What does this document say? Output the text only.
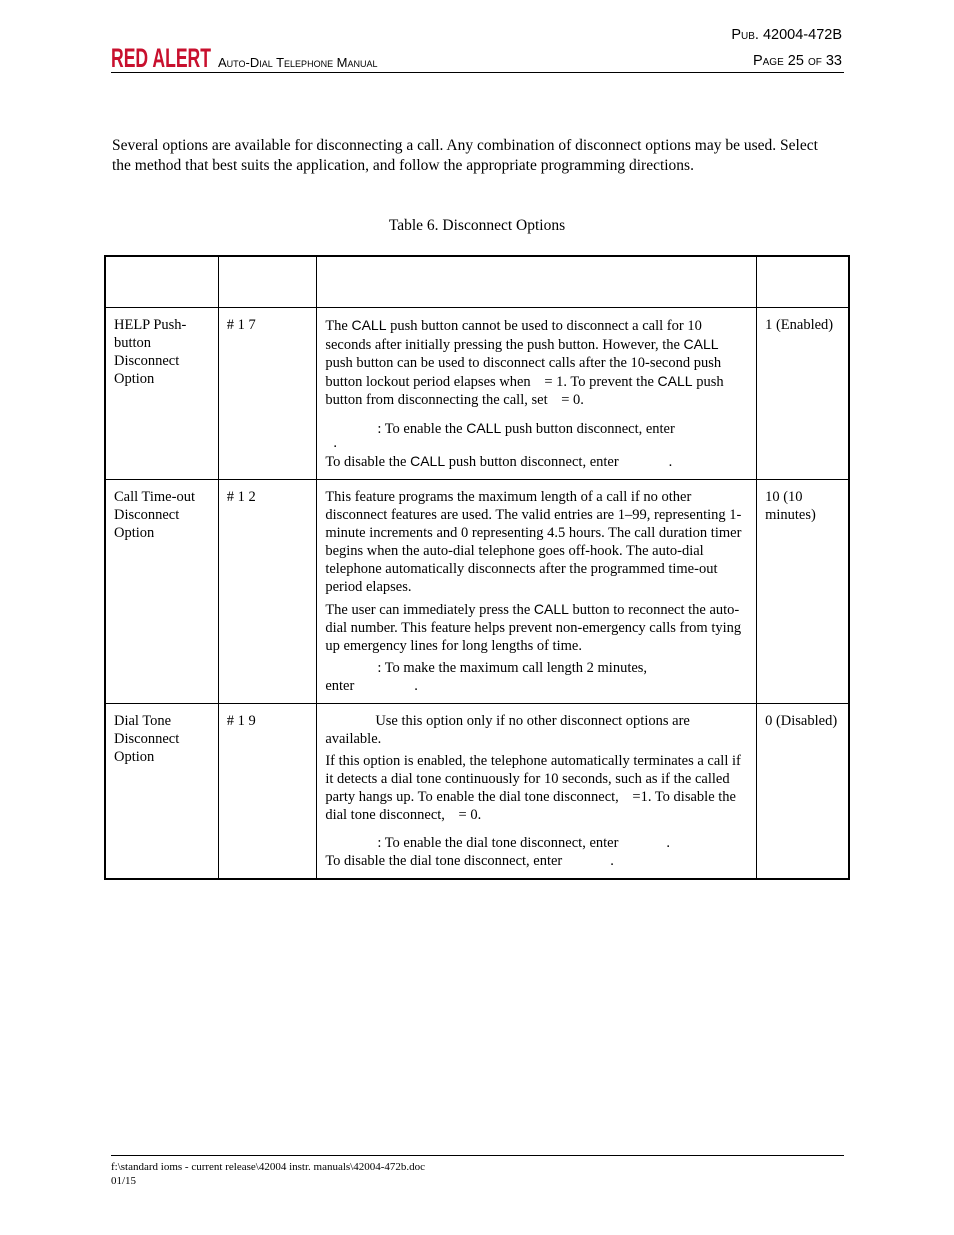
Pub. 42004-472B
RED ALERT Auto-Dial Telephone Manual	Page 25 of 33
Several options are available for disconnecting a call. Any combination of disconnect options may be used. Select the method that best suits the application, and follow the appropriate programming directions.
Table 6. Disconnect Options

HELP Push-button Disconnect Option	# 1 7	The CALL push button cannot be used to disconnect a call for 10 seconds after initially pressing the push button. However, the CALL push button can be used to disconnect calls after the 10-second push button lockout period elapses when = 1. To prevent the CALL push button from disconnecting the call, set = 0.
: To enable the CALL push button disconnect, enter
.
To disable the CALL push button disconnect, enter .	1 (Enabled)
Call Time-out Disconnect Option	# 1 2	This feature programs the maximum length of a call if no other disconnect features are used. The valid entries are 1–99, representing 1-minute increments and 0 representing 4.5 hours. The call duration timer begins when the auto-dial telephone goes off-hook. The auto-dial telephone automatically disconnects after the programmed time-out period elapses.
The user can immediately press the CALL button to reconnect the auto-dial number. This feature helps prevent non-emergency calls from tying up emergency lines for long lengths of time.
: To make the maximum call length 2 minutes,
enter .	10 (10 minutes)
Dial Tone Disconnect Option	# 1 9	Use this option only if no other disconnect options are available.
If this option is enabled, the telephone automatically terminates a call if it detects a dial tone continuously for 10 seconds, such as if the called party hangs up. To enable the dial tone disconnect, =1. To disable the dial tone disconnect, = 0.
: To enable the dial tone disconnect, enter .
To disable the dial tone disconnect, enter .	0 (Disabled)
f:\standard ioms - current release\42004 instr. manuals\42004-472b.doc
01/15
